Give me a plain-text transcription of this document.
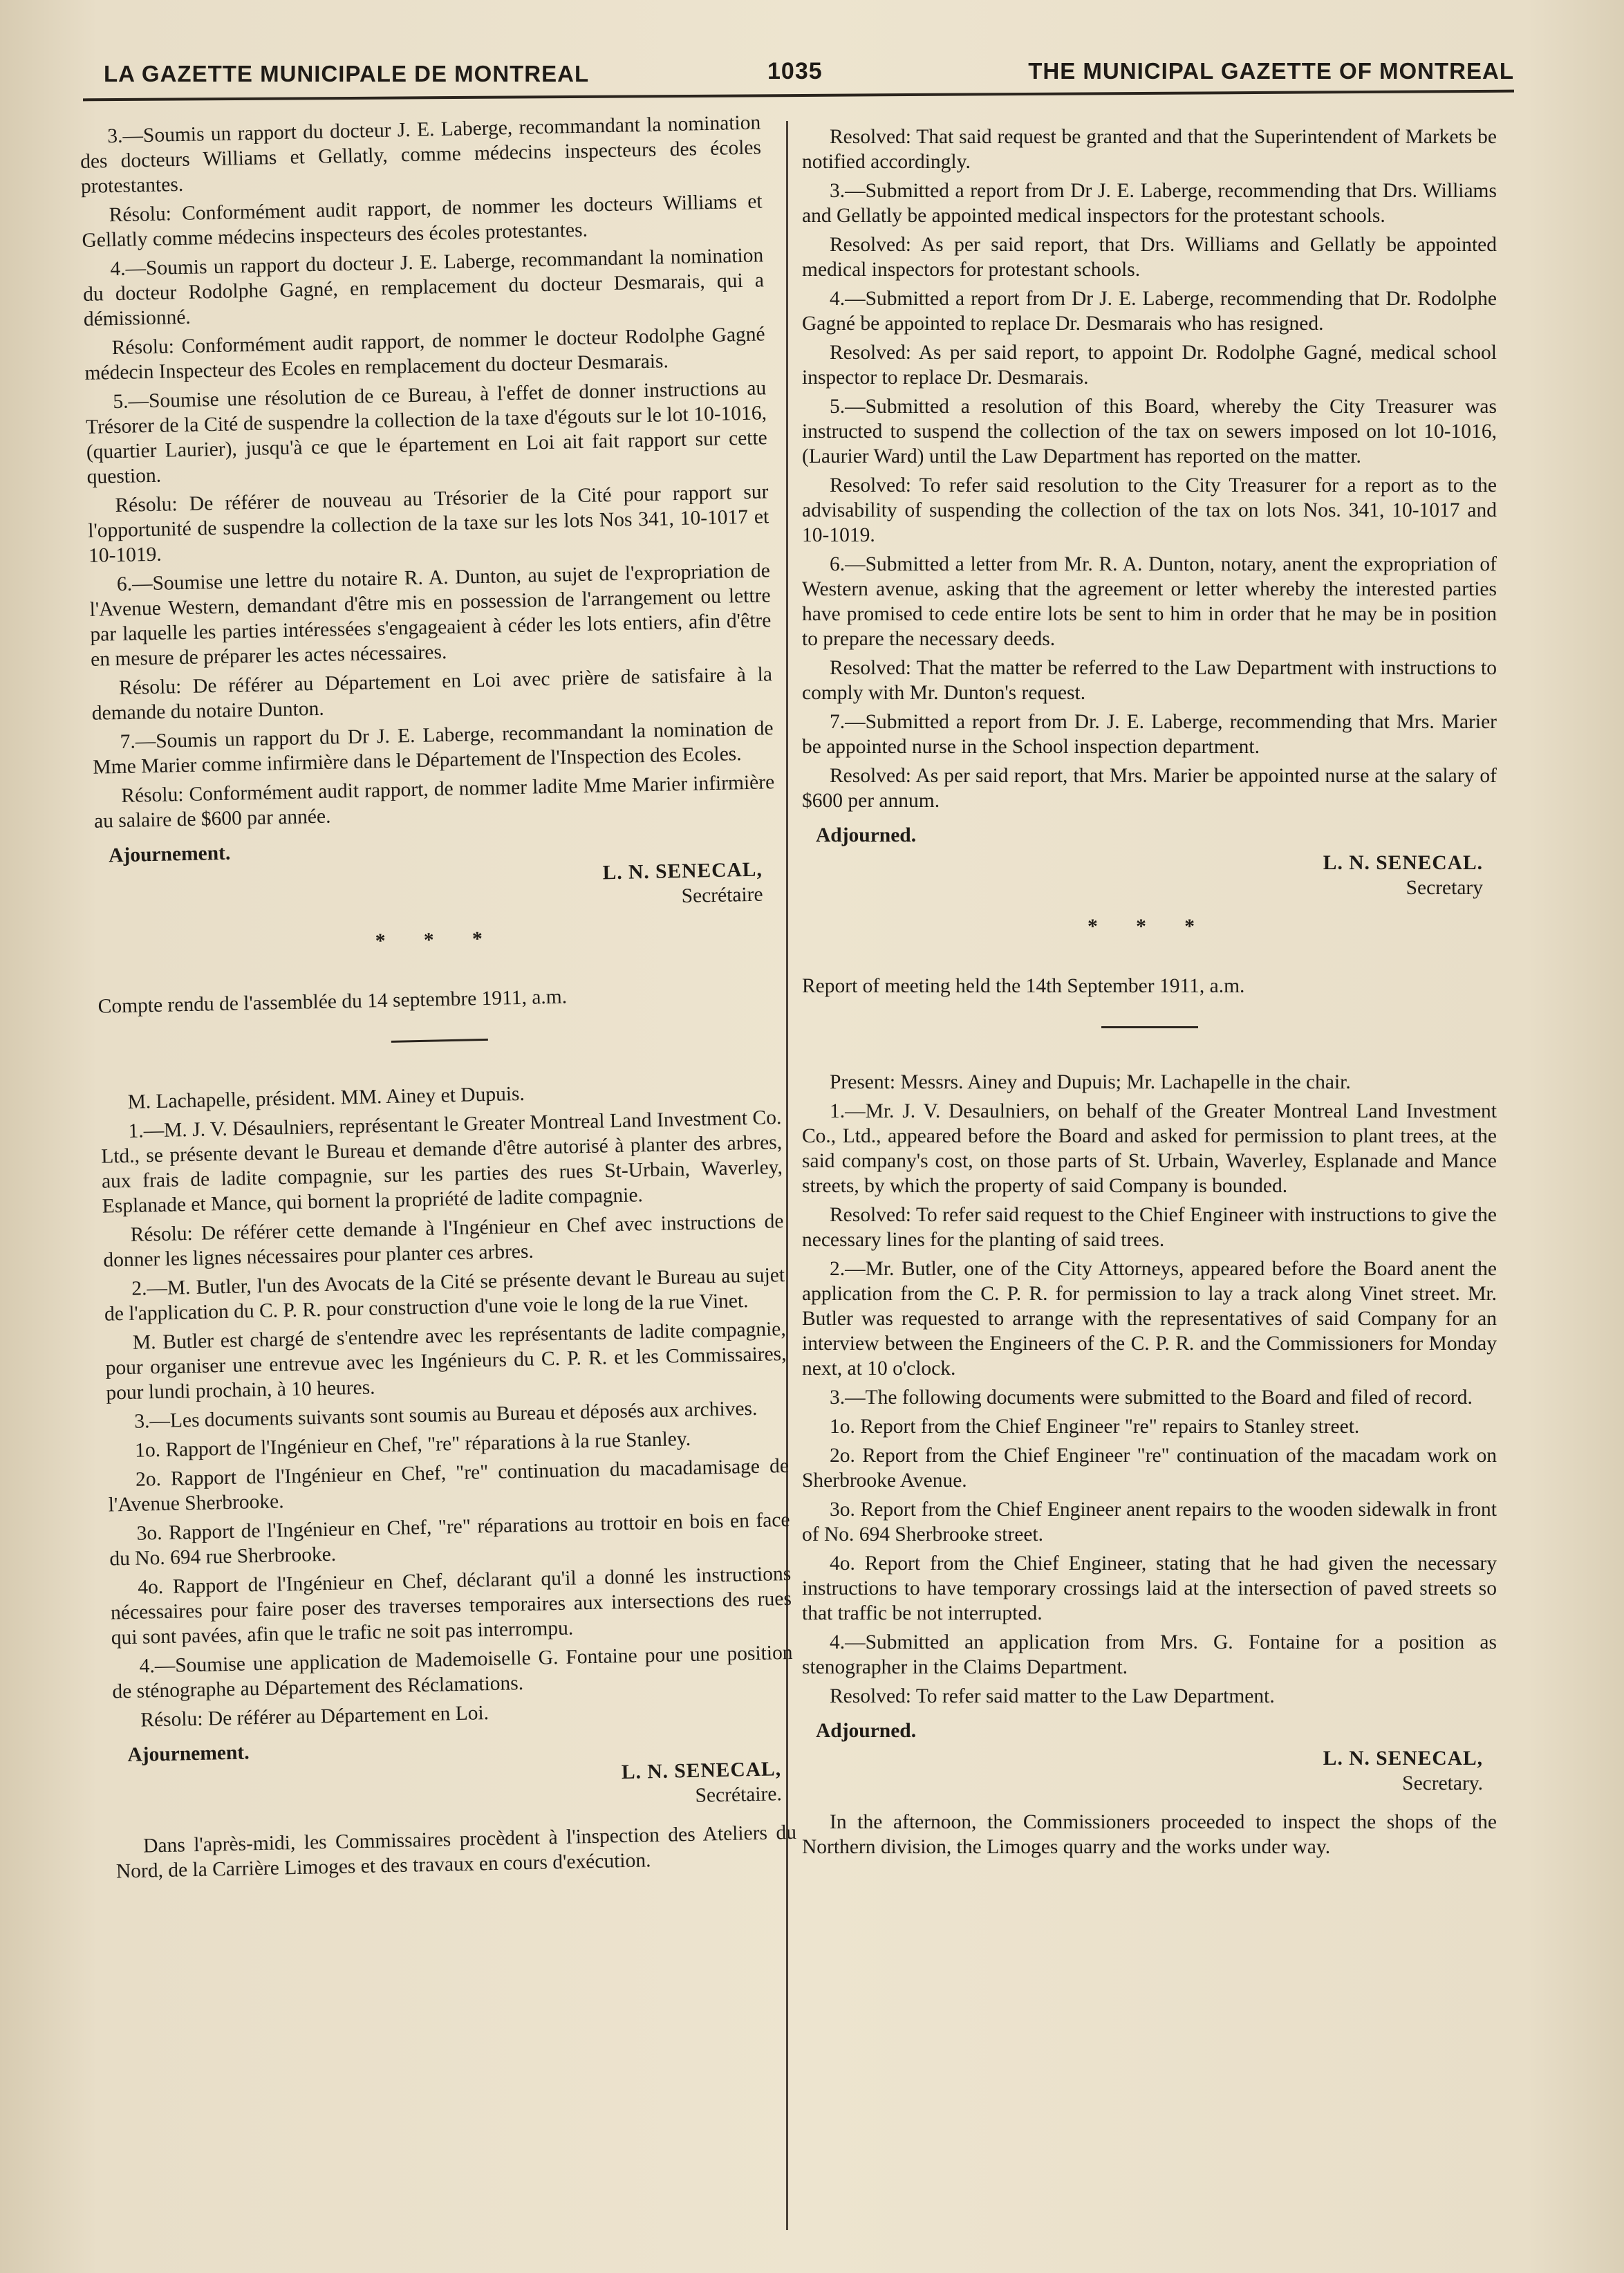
LA GAZETTE MUNICIPALE DE MONTREAL	1035	THE MUNICIPAL GAZETTE OF MONTREAL

3.—Soumis un rapport du docteur J. E. Laberge, recommandant la nomination des docteurs Williams et Gellatly, comme médecins inspecteurs des écoles protestantes.

Résolu: Conformément audit rapport, de nommer les docteurs Williams et Gellatly comme médecins inspecteurs des écoles protestantes.

4.—Soumis un rapport du docteur J. E. Laberge, recommandant la nomination du docteur Rodolphe Gagné, en remplacement du docteur Desmarais, qui a démissionné.

Résolu: Conformément audit rapport, de nommer le docteur Rodolphe Gagné médecin Inspecteur des Ecoles en remplacement du docteur Desmarais.

5.—Soumise une résolution de ce Bureau, à l'effet de donner instructions au Trésorer de la Cité de suspendre la collection de la taxe d'égouts sur le lot 10-1016, (quartier Laurier), jusqu'à ce que le épartement en Loi ait fait rapport sur cette question.

Résolu: De référer de nouveau au Trésorier de la Cité pour rapport sur l'opportunité de suspendre la collection de la taxe sur les lots Nos 341, 10-1017 et 10-1019.

6.—Soumise une lettre du notaire R. A. Dunton, au sujet de l'expropriation de l'Avenue Western, demandant d'être mis en possession de l'arrangement ou lettre par laquelle les parties intéressées s'engageaient à céder les lots entiers, afin d'être en mesure de préparer les actes nécessaires.

Résolu: De référer au Département en Loi avec prière de satisfaire à la demande du notaire Dunton.

7.—Soumis un rapport du Dr J. E. Laberge, recommandant la nomination de Mme Marier comme infirmière dans le Département de l'Inspection des Ecoles.

Résolu: Conformément audit rapport, de nommer ladite Mme Marier infirmière au salaire de $600 par année.

Ajournement.

L. N. SENECAL,

Secrétaire

* * *

Compte rendu de l'assemblée du 14 septembre 1911, a.m.

M. Lachapelle, président. MM. Ainey et Dupuis.

1.—M. J. V. Désaulniers, représentant le Greater Montreal Land Investment Co. Ltd., se présente devant le Bureau et demande d'être autorisé à planter des arbres, aux frais de ladite compagnie, sur les parties des rues St-Urbain, Waverley, Esplanade et Mance, qui bornent la propriété de ladite compagnie.

Résolu: De référer cette demande à l'Ingénieur en Chef avec instructions de donner les lignes nécessaires pour planter ces arbres.

2.—M. Butler, l'un des Avocats de la Cité se présente devant le Bureau au sujet de l'application du C. P. R. pour construction d'une voie le long de la rue Vinet.

M. Butler est chargé de s'entendre avec les représentants de ladite compagnie, pour organiser une entrevue avec les Ingénieurs du C. P. R. et les Commissaires, pour lundi prochain, à 10 heures.

3.—Les documents suivants sont soumis au Bureau et déposés aux archives.

1o. Rapport de l'Ingénieur en Chef, "re" réparations à la rue Stanley.

2o. Rapport de l'Ingénieur en Chef, "re" continuation du macadamisage de l'Avenue Sherbrooke.

3o. Rapport de l'Ingénieur en Chef, "re" réparations au trottoir en bois en face du No. 694 rue Sherbrooke.

4o. Rapport de l'Ingénieur en Chef, déclarant qu'il a donné les instructions nécessaires pour faire poser des traverses temporaires aux intersections des rues qui sont pavées, afin que le trafic ne soit pas interrompu.

4.—Soumise une application de Mademoiselle G. Fontaine pour une position de sténographe au Département des Réclamations.

Résolu: De référer au Département en Loi.

Ajournement.

L. N. SENECAL,

Secrétaire.

Dans l'après-midi, les Commissaires procèdent à l'inspection des Ateliers du Nord, de la Carrière Limoges et des travaux en cours d'exécution.

Resolved: That said request be granted and that the Superintendent of Markets be notified accordingly.

3.—Submitted a report from Dr J. E. Laberge, recommending that Drs. Williams and Gellatly be appointed medical inspectors for the protestant schools.

Resolved: As per said report, that Drs. Williams and Gellatly be appointed medical inspectors for protestant schools.

4.—Submitted a report from Dr J. E. Laberge, recommending that Dr. Rodolphe Gagné be appointed to replace Dr. Desmarais who has resigned.

Resolved: As per said report, to appoint Dr. Rodolphe Gagné, medical school inspector to replace Dr. Desmarais.

5.—Submitted a resolution of this Board, whereby the City Treasurer was instructed to suspend the collection of the tax on sewers imposed on lot 10-1016, (Laurier Ward) until the Law Department has reported on the matter.

Resolved: To refer said resolution to the City Treasurer for a report as to the advisability of suspending the collection of the tax on lots Nos. 341, 10-1017 and 10-1019.

6.—Submitted a letter from Mr. R. A. Dunton, notary, anent the expropriation of Western avenue, asking that the agreement or letter whereby the interested parties have promised to cede entire lots be sent to him in order that he may be in position to prepare the necessary deeds.

Resolved: That the matter be referred to the Law Department with instructions to comply with Mr. Dunton's request.

7.—Submitted a report from Dr. J. E. Laberge, recommending that Mrs. Marier be appointed nurse in the School inspection department.

Resolved: As per said report, that Mrs. Marier be appointed nurse at the salary of $600 per annum.

Adjourned.

L. N. SENECAL.

Secretary

* * *

Report of meeting held the 14th September 1911, a.m.

Present: Messrs. Ainey and Dupuis; Mr. Lachapelle in the chair.

1.—Mr. J. V. Desaulniers, on behalf of the Greater Montreal Land Investment Co., Ltd., appeared before the Board and asked for permission to plant trees, at the said company's cost, on those parts of St. Urbain, Waverley, Esplanade and Mance streets, by which the property of said Company is bounded.

Resolved: To refer said request to the Chief Engineer with instructions to give the necessary lines for the planting of said trees.

2.—Mr. Butler, one of the City Attorneys, appeared before the Board anent the application from the C. P. R. for permission to lay a track along Vinet street. Mr. Butler was requested to arrange with the representatives of said Company for an interview between the Engineers of the C. P. R. and the Commissioners for Monday next, at 10 o'clock.

3.—The following documents were submitted to the Board and filed of record.

1o. Report from the Chief Engineer "re" repairs to Stanley street.

2o. Report from the Chief Engineer "re" continuation of the macadam work on Sherbrooke Avenue.

3o. Report from the Chief Engineer anent repairs to the wooden sidewalk in front of No. 694 Sherbrooke street.

4o. Report from the Chief Engineer, stating that he had given the necessary instructions to have temporary crossings laid at the intersection of paved streets so that traffic be not interrupted.

4.—Submitted an application from Mrs. G. Fontaine for a position as stenographer in the Claims Department.

Resolved: To refer said matter to the Law Department.

Adjourned.

L. N. SENECAL,

Secretary.

In the afternoon, the Commissioners proceeded to inspect the shops of the Northern division, the Limoges quarry and the works under way.
